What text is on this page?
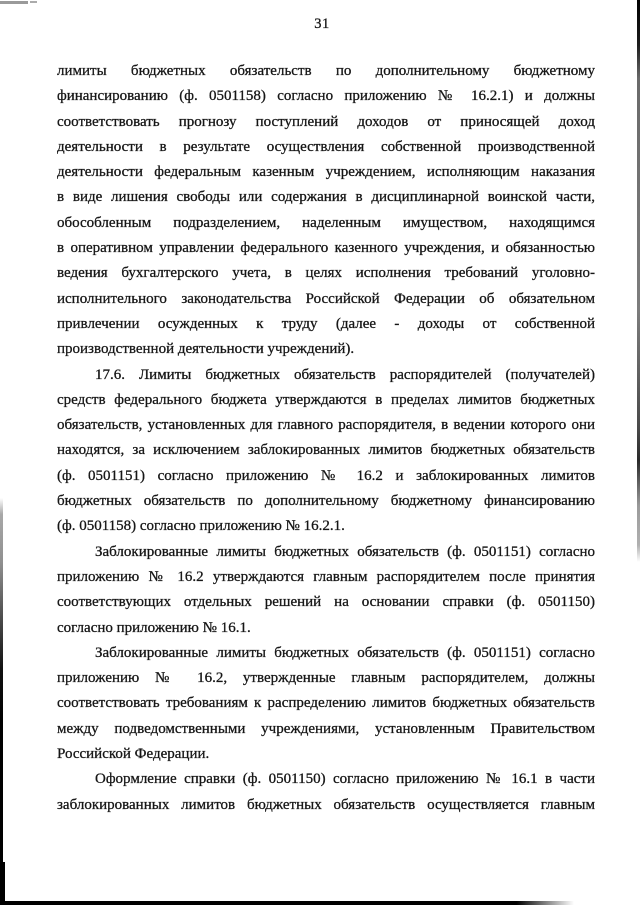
31
лимиты бюджетных обязательств по дополнительному бюджетному
финансированию (ф. 0501158) согласно приложению № 16.2.1) и должны
соответствовать прогнозу поступлений доходов от приносящей доход
деятельности в результате осуществления собственной производственной
деятельности федеральным казенным учреждением, исполняющим наказания
в виде лишения свободы или содержания в дисциплинарной воинской части,
обособленным подразделением, наделенным имуществом, находящимся
в оперативном управлении федерального казенного учреждения, и обязанностью
ведения бухгалтерского учета, в целях исполнения требований уголовно-
исполнительного законодательства Российской Федерации об обязательном
привлечении осужденных к труду (далее - доходы от собственной
производственной деятельности учреждений).
17.6. Лимиты бюджетных обязательств распорядителей (получателей)
средств федерального бюджета утверждаются в пределах лимитов бюджетных
обязательств, установленных для главного распорядителя, в ведении которого они
находятся, за исключением заблокированных лимитов бюджетных обязательств
(ф. 0501151) согласно приложению № 16.2 и заблокированных лимитов
бюджетных обязательств по дополнительному бюджетному финансированию
(ф. 0501158) согласно приложению № 16.2.1.
Заблокированные лимиты бюджетных обязательств (ф. 0501151) согласно
приложению № 16.2 утверждаются главным распорядителем после принятия
соответствующих отдельных решений на основании справки (ф. 0501150)
согласно приложению № 16.1.
Заблокированные лимиты бюджетных обязательств (ф. 0501151) согласно
приложению № 16.2, утвержденные главным распорядителем, должны
соответствовать требованиям к распределению лимитов бюджетных обязательств
между подведомственными учреждениями, установленным Правительством
Российской Федерации.
Оформление справки (ф. 0501150) согласно приложению № 16.1 в части
заблокированных лимитов бюджетных обязательств осуществляется главным
